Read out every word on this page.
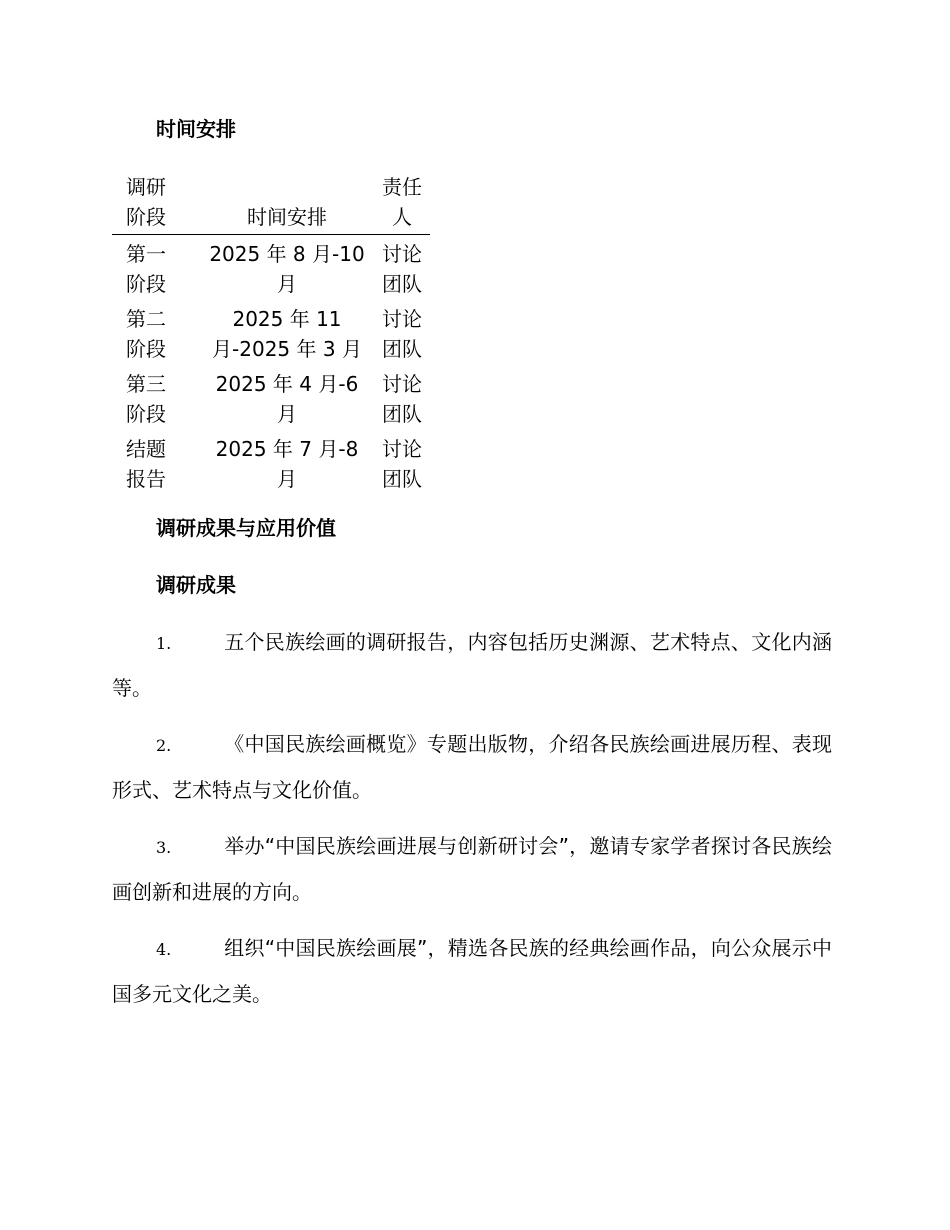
时间安排
调研阶段	时间安排	责任人
第一阶段	2025 年 8 月-10 月	讨论团队
第二阶段	2025 年 11 月-2025 年 3 月	讨论团队
第三阶段	2025 年 4 月-6 月	讨论团队
结题报告	2025 年 7 月-8 月	讨论团队
调研成果与应用价值
调研成果
1.	五个民族绘画的调研报告，内容包括历史渊源、艺术特点、文化内涵等。
2.	《中国民族绘画概览》专题出版物，介绍各民族绘画进展历程、表现形式、艺术特点与文化价值。
3.	举办“中国民族绘画进展与创新研讨会”，邀请专家学者探讨各民族绘画创新和进展的方向。
4.	组织“中国民族绘画展”，精选各民族的经典绘画作品，向公众展示中国多元文化之美。
